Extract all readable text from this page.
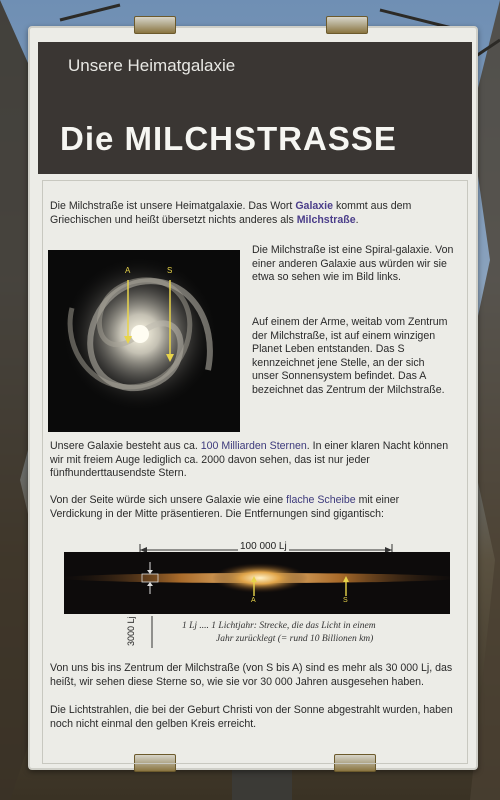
Unsere Heimatgalaxie
Die MILCHSTRASSE
Die Milchstraße ist unsere Heimatgalaxie. Das Wort Galaxie kommt aus dem Griechischen und heißt übersetzt nichts anderes als Milchstraße.
A	S
Die Milchstraße ist eine Spiral-galaxie. Von einer anderen Galaxie aus würden wir sie etwa so sehen wie im Bild links.
Auf einem der Arme, weitab vom Zentrum der Milchstraße, ist auf einem winzigen Planet Leben entstanden. Das S kennzeichnet jene Stelle, an der sich unser Sonnensystem befindet. Das A bezeichnet das Zentrum der Milchstraße.
Unsere Galaxie besteht aus ca. 100 Milliarden Sternen. In einer klaren Nacht können wir mit freiem Auge lediglich ca. 2000 davon sehen, das ist nur jeder fünfhunderttausendste Stern.
Von der Seite würde sich unsere Galaxie wie eine flache Scheibe mit einer Verdickung in der Mitte präsentieren. Die Entfernungen sind gigantisch:
100 000 Lj
A	S
3000 Lj	1 Lj .... 1 Lichtjahr: Strecke, die das Licht in einem
Jahr zurücklegt (= rund 10 Billionen km)
Von uns bis ins Zentrum der Milchstraße (von S bis A) sind es mehr als 30 000 Lj, das heißt, wir sehen diese Sterne so, wie sie vor 30 000 Jahren ausgesehen haben.
Die Lichtstrahlen, die bei der Geburt Christi von der Sonne abgestrahlt wurden, haben noch nicht einmal den gelben Kreis erreicht.
